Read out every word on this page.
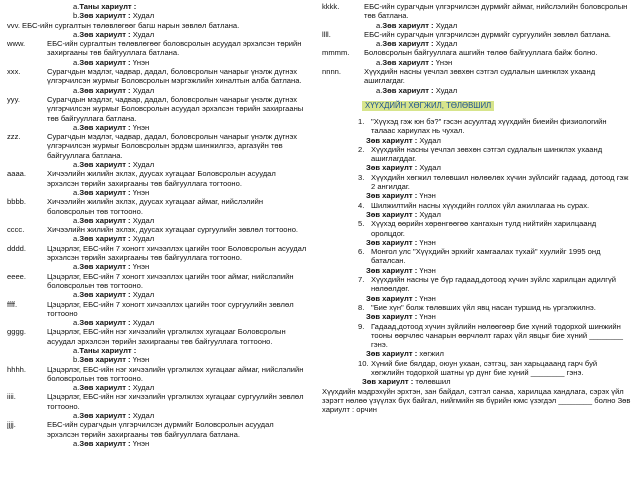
a.Таны хариулт :
b.Зөв хариулт : Худал
vvv. ЕБС-ийн сургалтын төлөвлөгөөг багш нарын зөвлөл батлана.
a.Зөв хариулт : Худал
www.	ЕБС-ийн сургалтын төлөвлөгөөг боловсролын асуудал эрхэлсэн төрийн захиргааны төв байгууллага батлана.
a.Зөв хариулт : Үнэн
xxx.	Сурагчдын мэдлэг, чадвар, дадал, боловсролын чанарыг үнэлж дүгнэх үлгэрчилсэн журмыг Боловсролын мэргэжлийн хиналтын алба батлана.
a.Зөв хариулт : Худал
yyy.	Сурагчдын мэдлэг, чадвар, дадал, боловсролын чанарыг үнэлж дүгнэх үлгэрчилсэн журмыг Боловсролын асуудал эрхэлсэн төрийн захиргааны төв байгууллага батлана.
a.Зөв хариулт : Үнэн
zzz.	Сурагчдын мэдлэг, чадвар, дадал, боловсролын чанарыг үнэлж дүгнэх үлгэрчилсэн журмыг Боловсролын эрдэм шинжилгээ, аргазүйн төв байгууллага батлана.
a.Зөв хариулт : Худал
aaaa.	Хичээлийн жилийн эхлэх, дуусах хугацааг Боловсролын асуудал эрхэлсэн төрийн захиргааны төв байгууллага тогтооно.
a.Зөв хариулт : Үнэн
bbbb.	Хичээлийн жилийн эхлэх, дуусах хугацааг аймаг, нийслэлийн боловсролын төв тогтооно.
a.Зөв хариулт : Худал
cccc.	Хичээлийн жилийн эхлэх, дуусах хугацааг сургуулийн зөвлөл тогтооно.
a.Зөв хариулт : Худал
dddd.	Цэцэрлэг, ЕБС-ийн 7 хоногт хичээллэх цагийн тоог Боловсролын асуудал эрхэлсэн төрийн захиргааны төв байгууллага тогтооно.
a.Зөв хариулт : Үнэн
eeee.	Цэцэрлэг, ЕБС-ийн 7 хоногт хичээллэх цагийн тоог аймаг, нийслэлийн боловсролын төв тогтооно.
a.Зөв хариулт : Худал
ffff.	Цэцэрлэг, ЕБС-ийн 7 хоногт хичээллэх цагийн тоог сургуулийн зөвлөл тогтооно
a.Зөв хариулт : Худал
gggg.	Цэцэрлэг, ЕБС-ийн нэг хичээлийн үргэлжлэх хугацааг Боловсролын асуудал эрхэлсэн төрийн захиргааны төв байгууллага тогтооно.
a.Таны хариулт :
b.Зөв хариулт : Үнэн
hhhh.	Цэцэрлэг, ЕБС-ийн нэг хичээлийн үргэлжлэх хугацааг аймаг, нийслэлийн боловсролын төв тогтооно.
a.Зөв хариулт : Худал
iiii.	Цэцэрлэг, ЕБС-ийн нэг хичээлийн үргэлжлэх хугацааг сургуулийн зөвлөл тогтооно.
a.Зөв хариулт : Худал
jjjj.	ЕБС-ийн сурагчдын үлгэрчилсэн дүрмийг Боловсролын асуудал эрхэлсэн төрийн захиргааны төв байгууллага батлана.
a.Зөв хариулт : Үнэн
kkkk.	ЕБС-ийн сурагчдын үлгэрчилсэн дүрмийг аймаг, нийслэлийн боловсролын төв батлана.
a.Зөв хариулт : Худал
llll.	ЕБС-ийн сурагчдын үлгэрчилсэн дүрмийг сургуулийн зөвлөл батлана.
a.Зөв хариулт : Худал
mmmm.	Боловсролын байгууллага ашгийн төлөө байгууллага байж болно.
a.Зөв хариулт : Үнэн
nnnn.	Хүүхдийн насны үечлэл зөвхөн сэтгэл судлалын шинжлэх ухаанд ашиглагдаг.
a.Зөв хариулт : Худал
ХҮҮХДИЙН ХӨГЖИЛ, ТӨЛӨВШИЛ
1. "Хүүхэд гэж юн бэ?" гэсэн асуултад хүүхдийн биеийн физиологийн талаас хариулах нь чухал.
Зөв хариулт : Худал
2. Хүүхдийн насны үечлэл зөвхөн сэтгэл судлалын шинжлэх ухаанд ашиглагддаг.
Зөв хариулт : Худал
3. Хүүхдийн хөгжил төлөвшил нөлөөлөх хүчин зүйлсийг гадаад, дотоод гэж 2 ангилдаг.
Зөв хариулт : Үнэн
4. Шилжилтийн насны хүүхдийн голлох үйл ажиллагаа нь сурах.
Зөв хариулт : Худал
5. Хүүхэд өөрийн хөрөнгөөгөө хангахын тулд нийтийн харилцаанд оролцдог.
Зөв хариулт : Үнэн
6. Монгол улс "Хүүхдийн эрхийг хамгаалах тухай" хуулийг 1995 онд баталсан.
Зөв хариулт : Үнэн
7. Хүүхдийн насны үе бүр гадаад,дотоод хүчин зүйлс харилцан адилгүй нөлөөлдөг.
Зөв хариулт : Үнэн
8. "Бие хүн" болж төлөвших үйл явц насан туршид нь үргэлжилнэ.
Зөв хариулт : Үнэн
9. Гадаад,дотоод хүчин зүйлийн нөлөөгөөр бие хүний тодорхой шинжийн тооны өөрчлөс чанарын өөрчлөлт гарах үйл явцыг бие хүний ________ гэнэ.
Зөв хариулт : хөгжил
10. Хүний бие бялдар, оюун ухаан, сэтгэц, зан харьцааанд гарч буй хөгжлийн тодорхой шатны үр дүнг бие хүний ________ гэнэ.
Зөв хариулт : төлөвшил
Хүүхдийн мэдрэхүйн эрхтэн, зан байдал, сэтгэл санаа, харилцаа хандлага, сэрэх үйл зэрэгт нөлөө үзүүлэх бүх байгал, нийгмийн яв бүрийн юмс үзэгдэл ________ болно Зөв хариулт : орчин
